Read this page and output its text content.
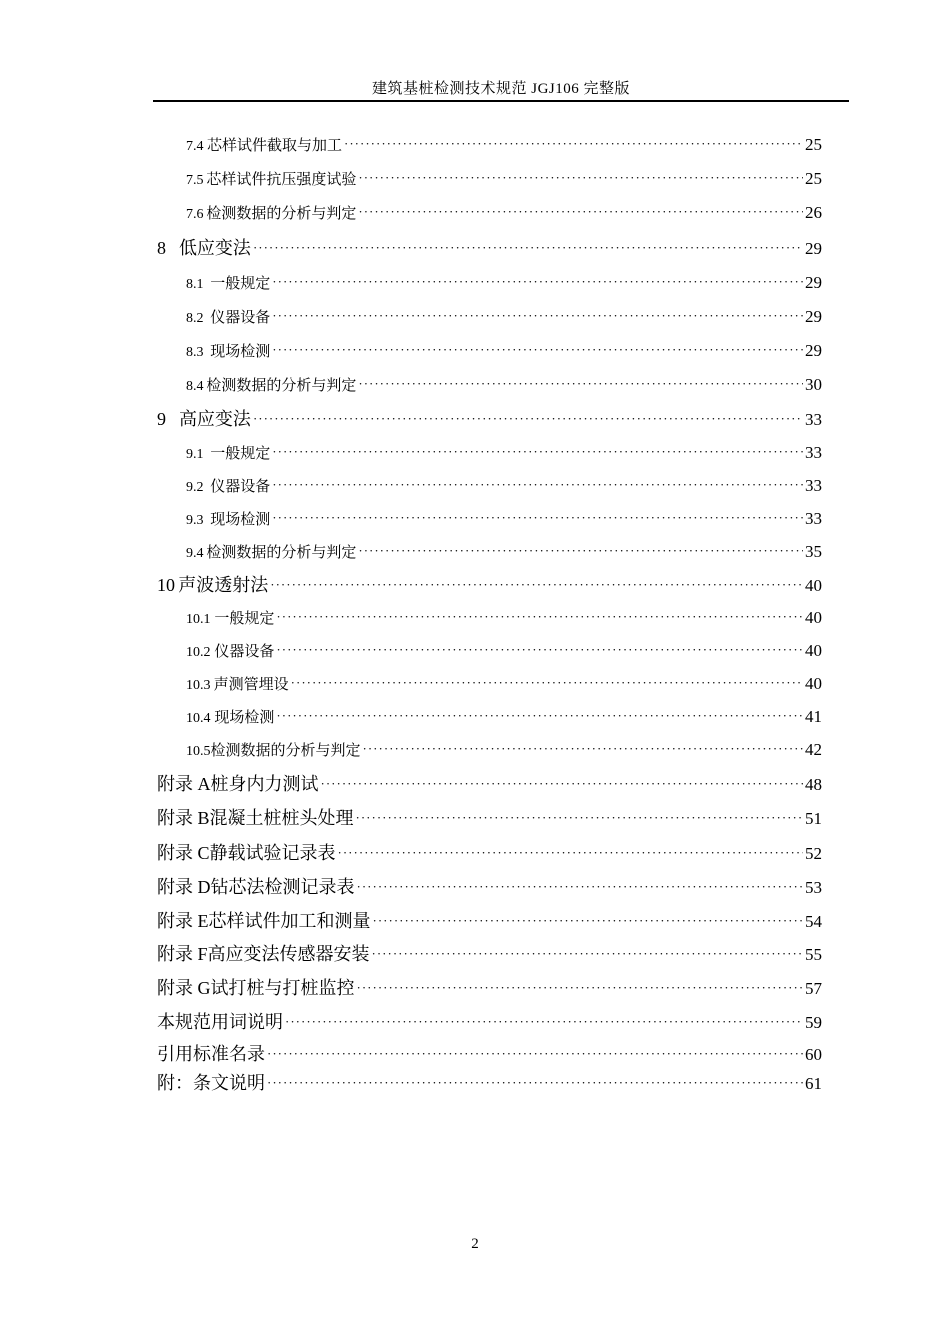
建筑基桩检测技术规范 JGJ106 完整版
7.4 芯样试件截取与加工 ·····	25
7.5 芯样试件抗压强度试验 ·····	25
7.6 检测数据的分析与判定 ·····	26
8 低应变法 ·····	29
8.1 一般规定 ·····	29
8.2 仪器设备 ·····	29
8.3 现场检测 ·····	29
8.4 检测数据的分析与判定 ·····	30
9 高应变法 ·····	33
9.1 一般规定 ·····	33
9.2 仪器设备 ·····	33
9.3 现场检测 ·····	33
9.4 检测数据的分析与判定 ·····	35
10 声波透射法 ·····	40
10.1 一般规定 ·····	40
10.2 仪器设备 ·····	40
10.3 声测管埋设 ·····	40
10.4 现场检测 ·····	41
10.5 检测数据的分析与判定 ·····	42
附录 A 桩身内力测试 ·····	48
附录 B 混凝土桩桩头处理 ·····	51
附录 C 静载试验记录表 ·····	52
附录 D 钻芯法检测记录表 ·····	53
附录 E 芯样试件加工和测量 ·····	54
附录 F 高应变法传感器安装 ·····	55
附录 G 试打桩与打桩监控 ·····	57
本规范用词说明 ·····	59
引用标准名录 ·····	60
附：条文说明 ·····	61
2
